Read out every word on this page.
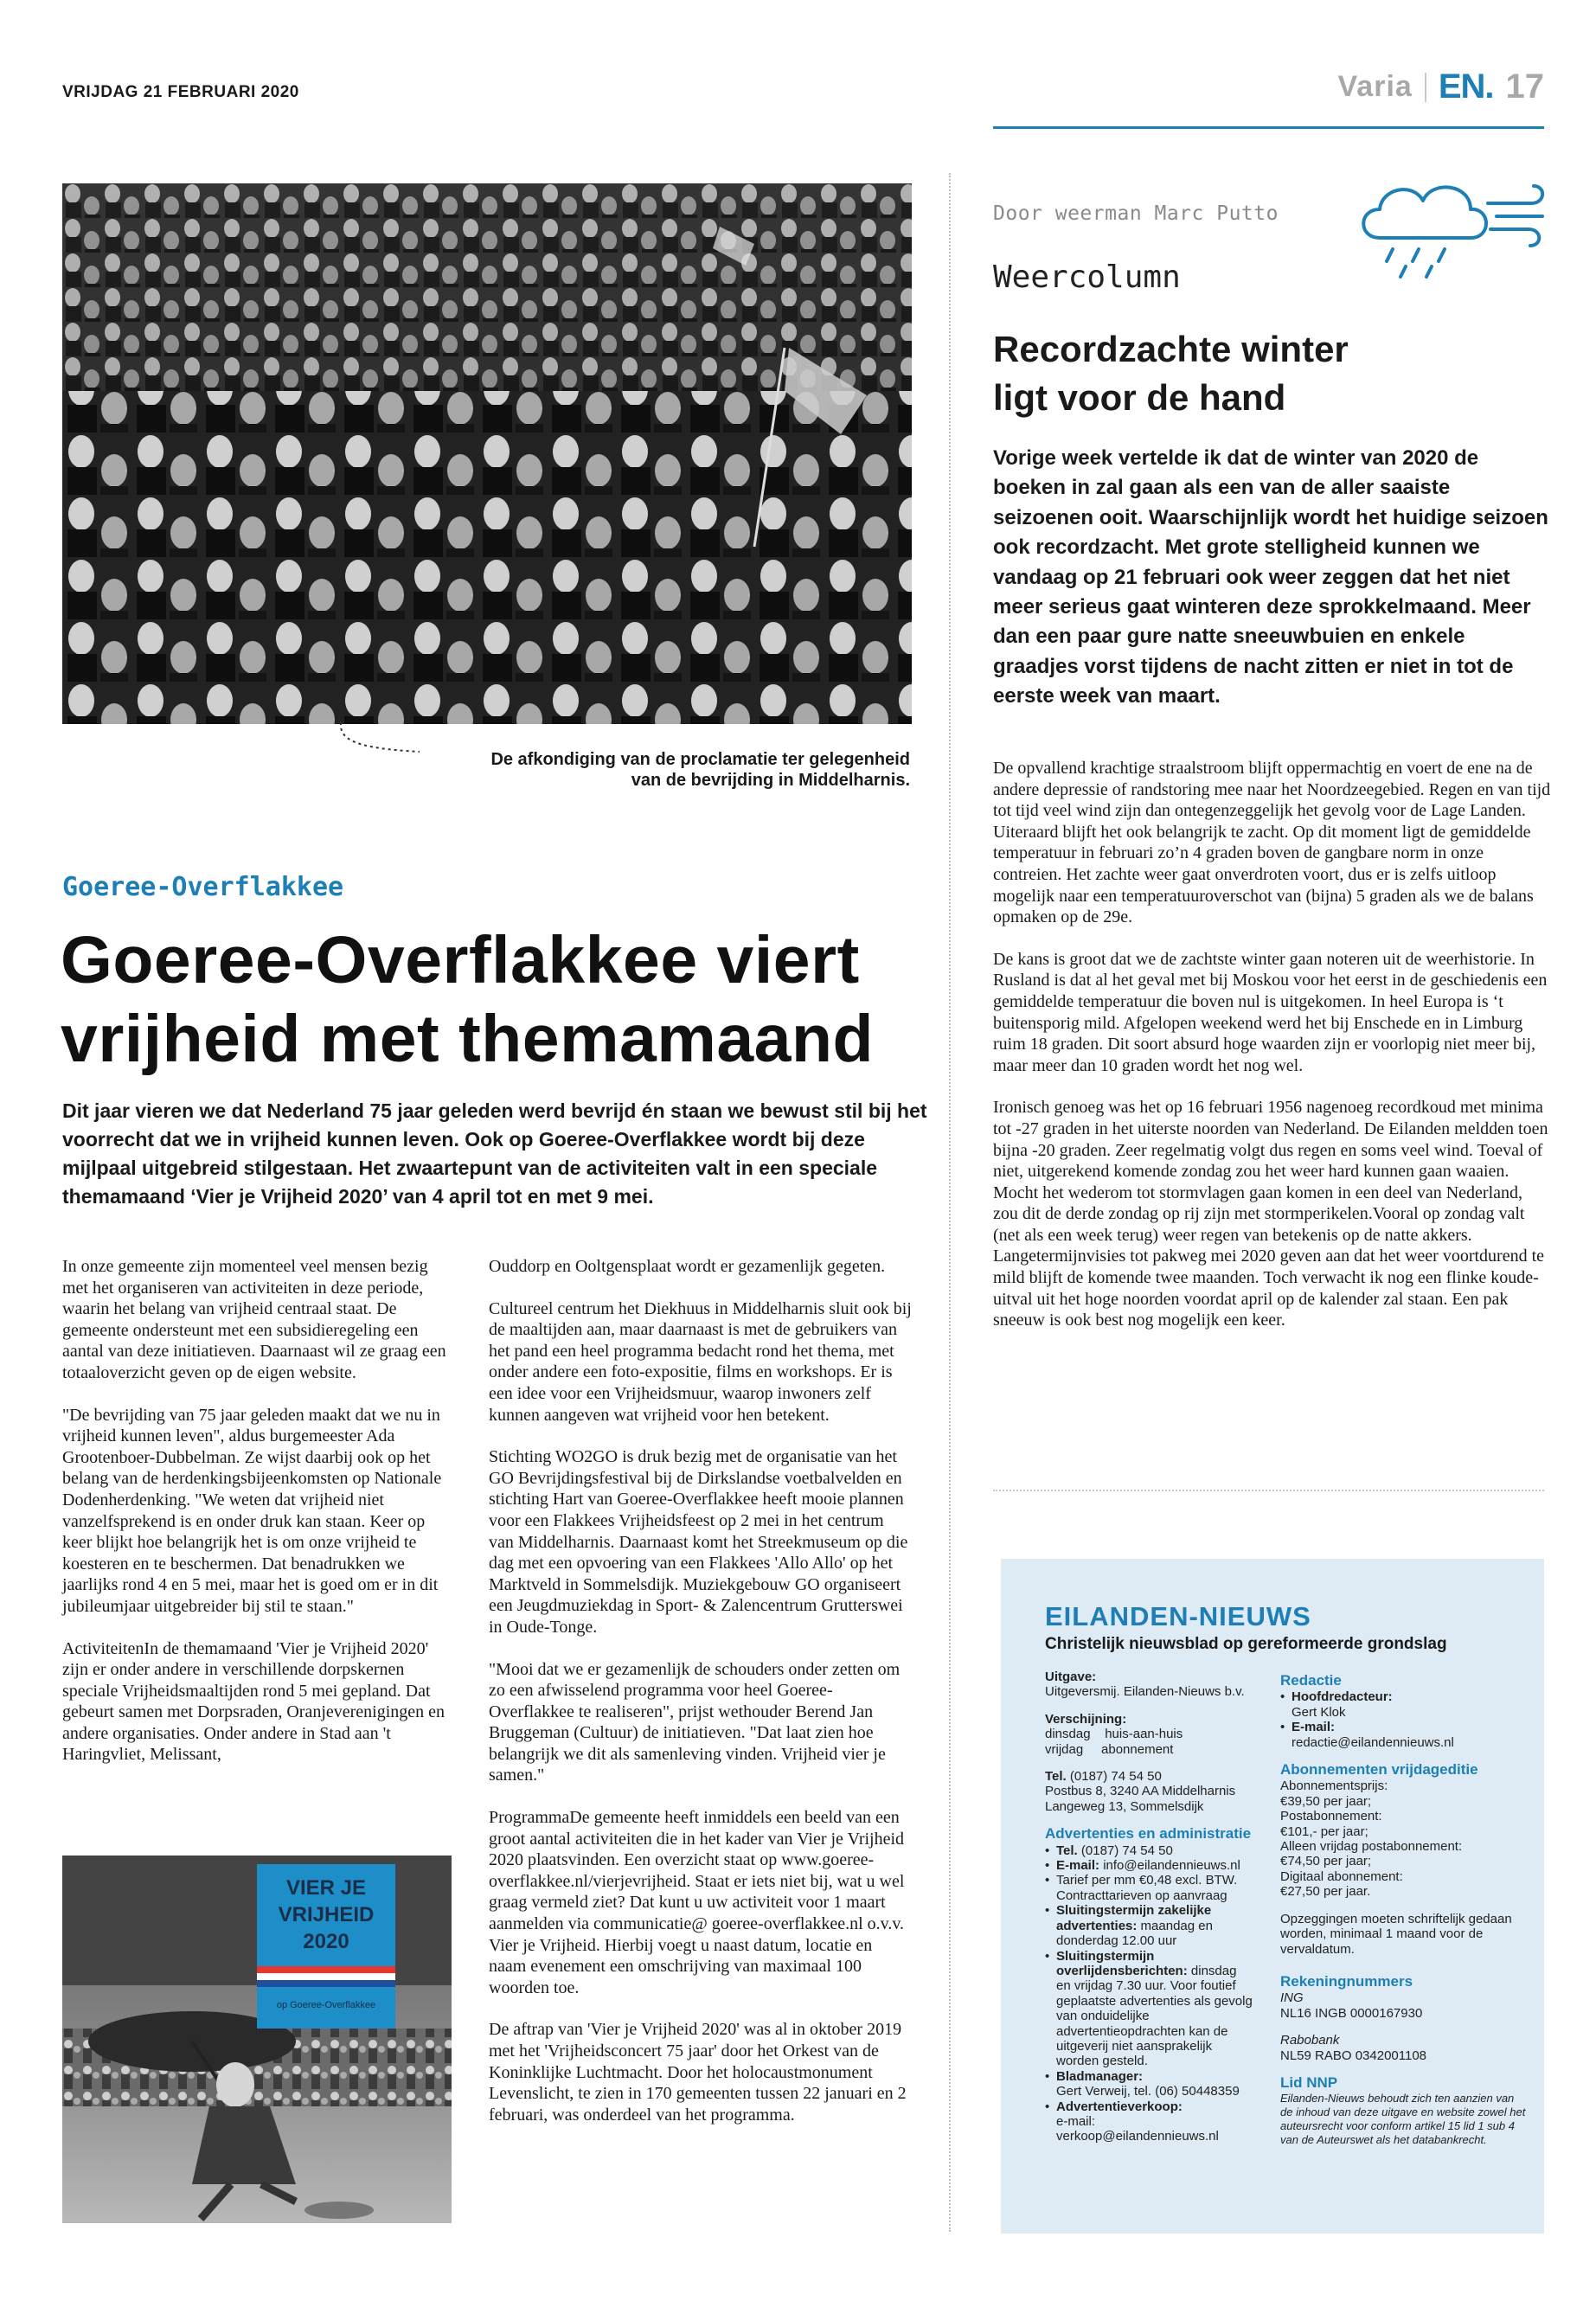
VRIJDAG 21 FEBRUARI 2020	Varia EN. 17
De afkondiging van de proclamatie ter gelegenheid
van de bevrijding in Middelharnis.
Goeree-Overflakkee
Goeree-Overflakkee viert
vrijheid met themamaand
Dit jaar vieren we dat Nederland 75 jaar geleden werd bevrijd én staan we bewust stil bij het voorrecht dat we in vrijheid kunnen leven. Ook op Goeree-Overflakkee wordt bij deze mijlpaal uitgebreid stilgestaan. Het zwaartepunt van de activiteiten valt in een speciale themamaand ‘Vier je Vrijheid 2020’ van 4 april tot en met 9 mei.

In onze gemeente zijn momenteel veel mensen bezig met het organiseren van activiteiten in deze periode, waarin het belang van vrijheid centraal staat. De gemeente ondersteunt met een subsidieregeling een aantal van deze initiatieven. Daarnaast wil ze graag een totaaloverzicht geven op de eigen website.

"De bevrijding van 75 jaar geleden maakt dat we nu in vrijheid kunnen leven", aldus burgemeester Ada Grootenboer-Dubbelman. Ze wijst daarbij ook op het belang van de herdenkingsbijeenkomsten op Nationale Dodenherdenking. "We weten dat vrijheid niet vanzelfsprekend is en onder druk kan staan. Keer op keer blijkt hoe belangrijk het is om onze vrijheid te koesteren en te beschermen. Dat benadrukken we jaarlijks rond 4 en 5 mei, maar het is goed om er in dit jubileumjaar uitgebreider bij stil te staan."

ActiviteitenIn de themamaand 'Vier je Vrijheid 2020' zijn er onder andere in verschillende dorpskernen speciale Vrijheidsmaaltijden rond 5 mei gepland. Dat gebeurt samen met Dorpsraden, Oranjeverenigingen en andere organisaties. Onder andere in Stad aan 't Haringvliet, Melissant,

VIER JE
VRIJHEID
2020
op Goeree-Overflakkee

Ouddorp en Ooltgensplaat wordt er gezamenlijk gegeten.

Cultureel centrum het Diekhuus in Middelharnis sluit ook bij de maaltijden aan, maar daarnaast is met de gebruikers van het pand een heel programma bedacht rond het thema, met onder andere een foto-expositie, films en workshops. Er is een idee voor een Vrijheidsmuur, waarop inwoners zelf kunnen aangeven wat vrijheid voor hen betekent.

Stichting WO2GO is druk bezig met de organisatie van het GO Bevrijdingsfestival bij de Dirkslandse voetbalvelden en stichting Hart van Goeree-Overflakkee heeft mooie plannen voor een Flakkees Vrijheidsfeest op 2 mei in het centrum van Middelharnis. Daarnaast komt het Streekmuseum op die dag met een opvoering van een Flakkees 'Allo Allo' op het Marktveld in Sommelsdijk. Muziekgebouw GO organiseert een Jeugdmuziekdag in Sport- & Zalencentrum Grutterswei in Oude-Tonge.

"Mooi dat we er gezamenlijk de schouders onder zetten om zo een afwisselend programma voor heel Goeree-Overflakkee te realiseren", prijst wethouder Berend Jan Bruggeman (Cultuur) de initiatieven. "Dat laat zien hoe belangrijk we dit als samenleving vinden. Vrijheid vier je samen."

ProgrammaDe gemeente heeft inmiddels een beeld van een groot aantal activiteiten die in het kader van Vier je Vrijheid 2020 plaatsvinden. Een overzicht staat op www.goeree-overflakkee.nl/vierjevrijheid. Staat er iets niet bij, wat u wel graag vermeld ziet? Dat kunt u uw activiteit voor 1 maart aanmelden via communicatie@ goeree-overflakkee.nl o.v.v. Vier je Vrijheid. Hierbij voegt u naast datum, locatie en naam evenement een omschrijving van maximaal 100 woorden toe.

De aftrap van 'Vier je Vrijheid 2020' was al in oktober 2019 met het 'Vrijheidsconcert 75 jaar' door het Orkest van de Koninklijke Luchtmacht. Door het holocaustmonument Levenslicht, te zien in 170 gemeenten tussen 22 januari en 2 februari, was onderdeel van het programma.

Door weerman Marc Putto
Weercolumn
Recordzachte winter
ligt voor de hand
Vorige week vertelde ik dat de winter van 2020 de boeken in zal gaan als een van de aller saaiste seizoenen ooit. Waarschijnlijk wordt het huidige seizoen ook recordzacht. Met grote stelligheid kunnen we vandaag op 21 februari ook weer zeggen dat het niet meer serieus gaat winteren deze sprokkelmaand. Meer dan een paar gure natte sneeuwbuien en enkele graadjes vorst tijdens de nacht zitten er niet in tot de eerste week van maart.

De opvallend krachtige straalstroom blijft oppermachtig en voert de ene na de andere depressie of randstoring mee naar het Noordzeegebied. Regen en van tijd tot tijd veel wind zijn dan ontegenzeggelijk het gevolg voor de Lage Landen. Uiteraard blijft het ook belangrijk te zacht. Op dit moment ligt de gemiddelde temperatuur in februari zo’n 4 graden boven de gangbare norm in onze contreien. Het zachte weer gaat onverdroten voort, dus er is zelfs uitloop mogelijk naar een temperatuuroverschot van (bijna) 5 graden als we de balans opmaken op de 29e.

De kans is groot dat we de zachtste winter gaan noteren uit de weerhistorie. In Rusland is dat al het geval met bij Moskou voor het eerst in de geschiedenis een gemiddelde temperatuur die boven nul is uitgekomen. In heel Europa is ‘t buitensporig mild. Afgelopen weekend werd het bij Enschede en in Limburg ruim 18 graden. Dit soort absurd hoge waarden zijn er voorlopig niet meer bij, maar meer dan 10 graden wordt het nog wel.

Ironisch genoeg was het op 16 februari 1956 nagenoeg recordkoud met minima tot -27 graden in het uiterste noorden van Nederland. De Eilanden meldden toen bijna -20 graden. Zeer regelmatig volgt dus regen en soms veel wind. Toeval of niet, uitgerekend komende zondag zou het weer hard kunnen gaan waaien. Mocht het wederom tot stormvlagen gaan komen in een deel van Nederland, zou dit de derde zondag op rij zijn met stormperikelen.Vooral op zondag valt (net als een week terug) weer regen van betekenis op de natte akkers. Langetermijnvisies tot pakweg mei 2020 geven aan dat het weer voortdurend te mild blijft de komende twee maanden. Toch verwacht ik nog een flinke koude-uitval uit het hoge noorden voordat april op de kalender zal staan. Een pak sneeuw is ook best nog mogelijk een keer.

EILANDEN-NIEUWS
Christelijk nieuwsblad op gereformeerde grondslag
Uitgave:
Uitgeversmij. Eilanden-Nieuws b.v.
Verschijning:
dinsdag    huis-aan-huis
vrijdag     abonnement
Tel. (0187) 74 54 50
Postbus 8, 3240 AA Middelharnis
Langeweg 13, Sommelsdijk
Advertenties en administratie
• Tel. (0187) 74 54 50
• E-mail: info@eilandennieuws.nl
• Tarief per mm €0,48 excl. BTW.
Contracttarieven op aanvraag
• Sluitingstermijn zakelijke advertenties: maandag en donderdag 12.00 uur
• Sluitingstermijn overlijdensberichten: dinsdag en vrijdag 7.30 uur. Voor foutief geplaatste advertenties als gevolg van onduidelijke advertentieopdrachten kan de uitgeverij niet aansprakelijk worden gesteld.
• Bladmanager:
Gert Verweij, tel. (06) 50448359
• Advertentieverkoop:
e-mail:
verkoop@eilandennieuws.nl
Redactie
• Hoofdredacteur:
Gert Klok
• E-mail:
redactie@eilandennieuws.nl
Abonnementen vrijdageditie
Abonnementsprijs:
€39,50 per jaar;
Postabonnement:
€101,- per jaar;
Alleen vrijdag postabonnement:
€74,50 per jaar;
Digitaal abonnement:
€27,50 per jaar.
Opzeggingen moeten schriftelijk gedaan worden, minimaal 1 maand voor de vervaldatum.
Rekeningnummers
ING
NL16 INGB 0000167930
Rabobank
NL59 RABO 0342001108
Lid NNP
Eilanden-Nieuws behoudt zich ten aanzien van de inhoud van deze uitgave en website zowel het auteursrecht voor conform artikel 15 lid 1 sub 4 van de Auteurswet als het databankrecht.
